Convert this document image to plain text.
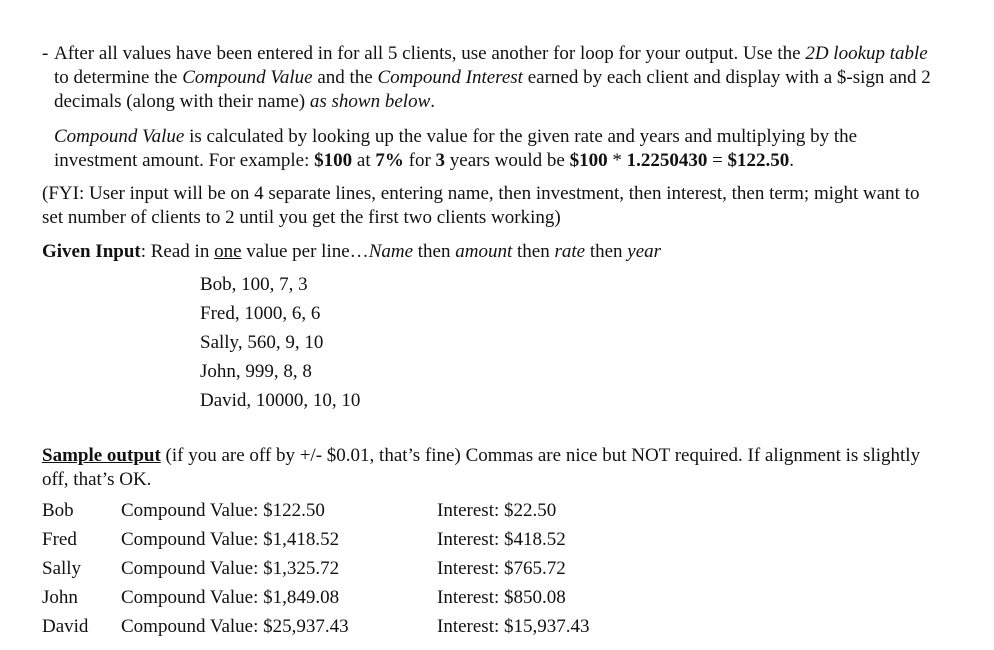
- After all values have been entered in for all 5 clients, use another for loop for your output. Use the 2D lookup table to determine the Compound Value and the Compound Interest earned by each client and display with a $-sign and 2 decimals (along with their name) as shown below.
Compound Value is calculated by looking up the value for the given rate and years and multiplying by the investment amount. For example: $100 at 7% for 3 years would be $100 * 1.2250430 = $122.50.
(FYI: User input will be on 4 separate lines, entering name, then investment, then interest, then term; might want to set number of clients to 2 until you get the first two clients working)
Given Input: Read in one value per line…Name then amount then rate then year
Bob, 100, 7, 3
Fred, 1000, 6, 6
Sally, 560, 9, 10
John, 999, 8, 8
David, 10000, 10, 10
Sample output (if you are off by +/- $0.01, that’s fine) Commas are nice but NOT required. If alignment is slightly off, that’s OK.
Bob Compound Value: $122.50	Interest: $22.50
Fred Compound Value: $1,418.52	Interest: $418.52
Sally Compound Value: $1,325.72	Interest: $765.72
John Compound Value: $1,849.08	Interest: $850.08
David Compound Value: $25,937.43	Interest: $15,937.43
